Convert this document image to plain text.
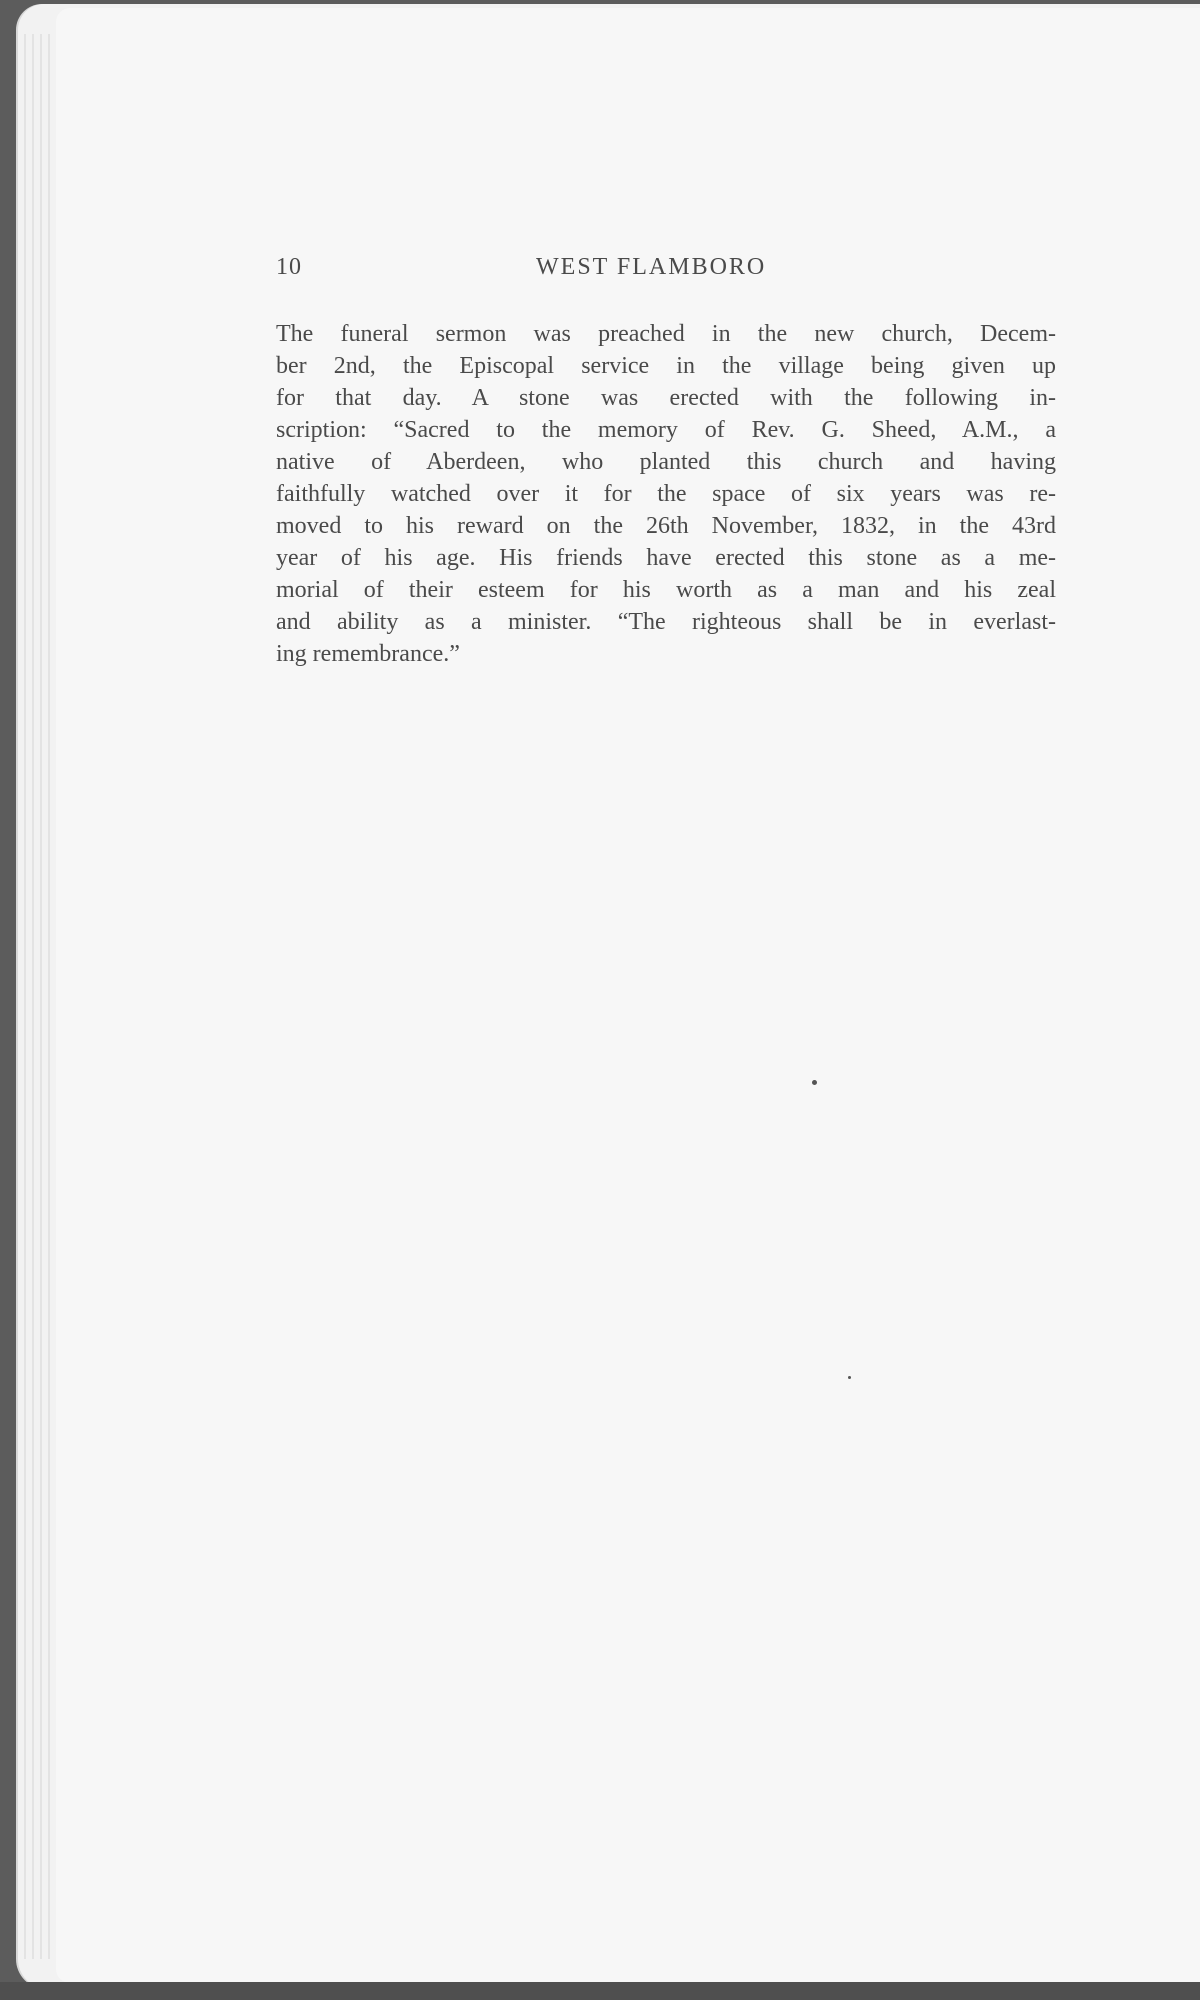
10	WEST FLAMBORO
The funeral sermon was preached in the new church, Decem-
ber 2nd, the Episcopal service in the village being given up
for that day. A stone was erected with the following in-
scription: “Sacred to the memory of Rev. G. Sheed, A.M., a
native of Aberdeen, who planted this church and having
faithfully watched over it for the space of six years was re-
moved to his reward on the 26th November, 1832, in the 43rd
year of his age. His friends have erected this stone as a me-
morial of their esteem for his worth as a man and his zeal
and ability as a minister. “The righteous shall be in everlast-
ing remembrance.”
